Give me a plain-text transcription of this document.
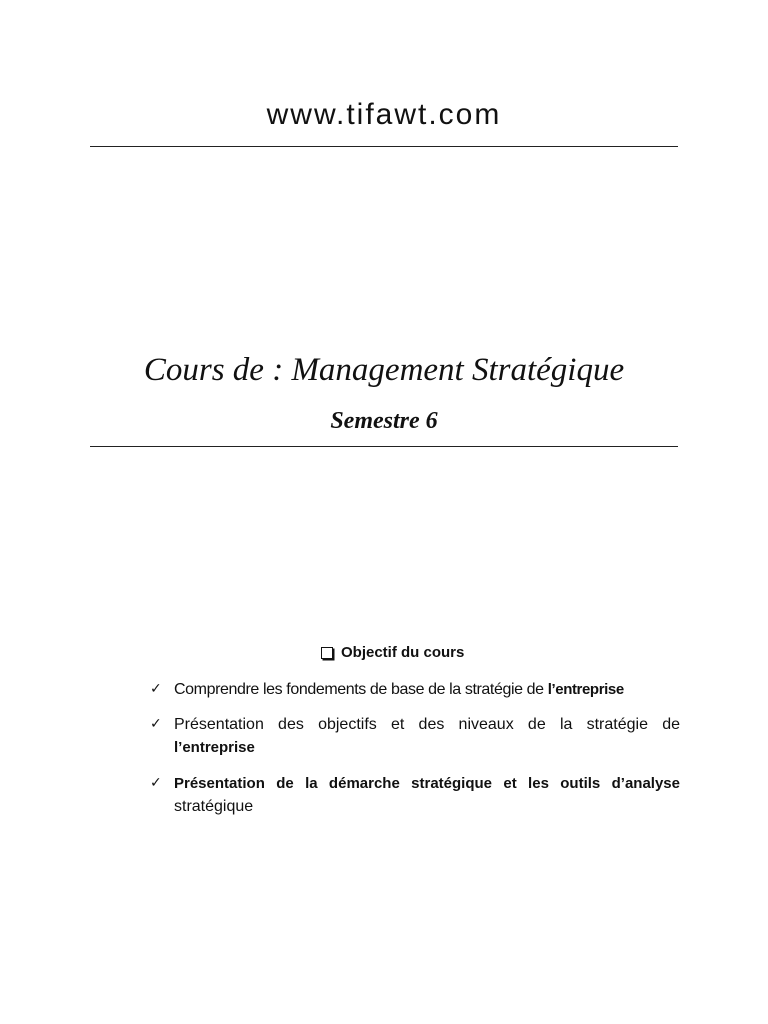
www.tifawt.com
Cours de : Management Stratégique
Semestre 6
Objectif du cours
✓ Comprendre les fondements de base de la stratégie de l’entreprise
✓ Présentation des objectifs et des niveaux de la stratégie de l’entreprise
✓ Présentation de la démarche stratégique et les outils d’analyse stratégique
